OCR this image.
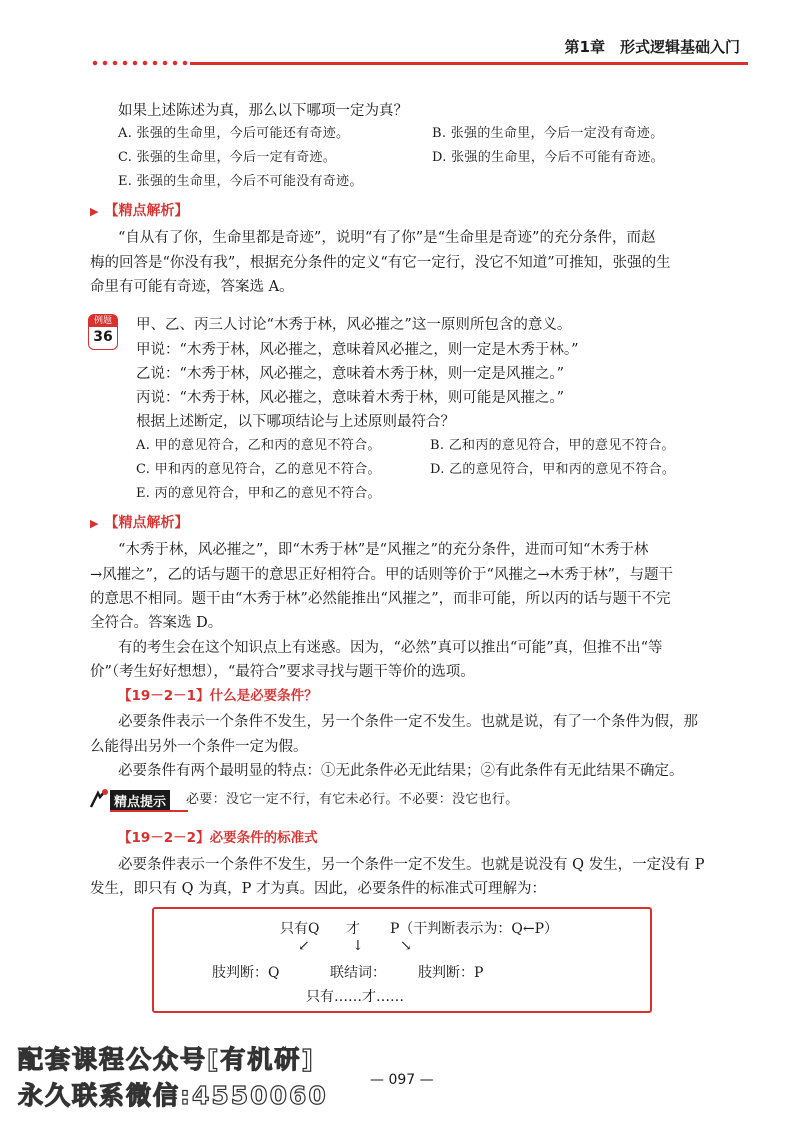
第1章　形式逻辑基础入门
如果上述陈述为真，那么以下哪项一定为真？
A. 张强的生命里，今后可能还有奇迹。	B. 张强的生命里，今后一定没有奇迹。
C. 张强的生命里，今后一定有奇迹。	D. 张强的生命里，今后不可能有奇迹。
E. 张强的生命里，今后不可能没有奇迹。
▶ 【精点解析】
“自从有了你，生命里都是奇迹”，说明“有了你”是“生命里是奇迹”的充分条件，而赵
梅的回答是“你没有我”，根据充分条件的定义“有它一定行，没它不知道”可推知，张强的生
命里有可能有奇迹，答案选 A。
例题
36
甲、乙、丙三人讨论“木秀于林，风必摧之”这一原则所包含的意义。
甲说：“木秀于林，风必摧之，意味着风必摧之，则一定是木秀于林。”
乙说：“木秀于林，风必摧之，意味着木秀于林，则一定是风摧之。”
丙说：“木秀于林，风必摧之，意味着木秀于林，则可能是风摧之。”
根据上述断定，以下哪项结论与上述原则最符合？
A. 甲的意见符合，乙和丙的意见不符合。	B. 乙和丙的意见符合，甲的意见不符合。
C. 甲和丙的意见符合，乙的意见不符合。	D. 乙的意见符合，甲和丙的意见不符合。
E. 丙的意见符合，甲和乙的意见不符合。
▶ 【精点解析】
“木秀于林，风必摧之”，即“木秀于林”是“风摧之”的充分条件，进而可知“木秀于林
→风摧之”，乙的话与题干的意思正好相符合。甲的话则等价于“风摧之→木秀于林”，与题干
的意思不相同。题干由“木秀于林”必然能推出“风摧之”，而非可能，所以丙的话与题干不完
全符合。答案选 D。
有的考生会在这个知识点上有迷惑。因为，“必然”真可以推出“可能”真，但推不出“等
价”（考生好好想想），“最符合”要求寻找与题干等价的选项。
【19－2－1】什么是必要条件？
必要条件表示一个条件不发生，另一个条件一定不发生。也就是说，有了一个条件为假，那
么能得出另外一个条件一定为假。
必要条件有两个最明显的特点：①无此条件必无此结果；②有此条件有无此结果不确定。
精点提示	必要：没它一定不行，有它未必行。不必要：没它也行。
【19－2－2】必要条件的标准式
必要条件表示一个条件不发生，另一个条件一定不发生。也就是说没有 Q 发生，一定没有 P
发生，即只有 Q 为真，P 才为真。因此，必要条件的标准式可理解为：
只有Q 才 P（干判断表示为：Q←P）
↙	↓	↘
肢判断：Q	联结词： 肢判断：P
只有……才……
— 097 —
配套课程公众号[有机研]
永久联系微信:4550060
